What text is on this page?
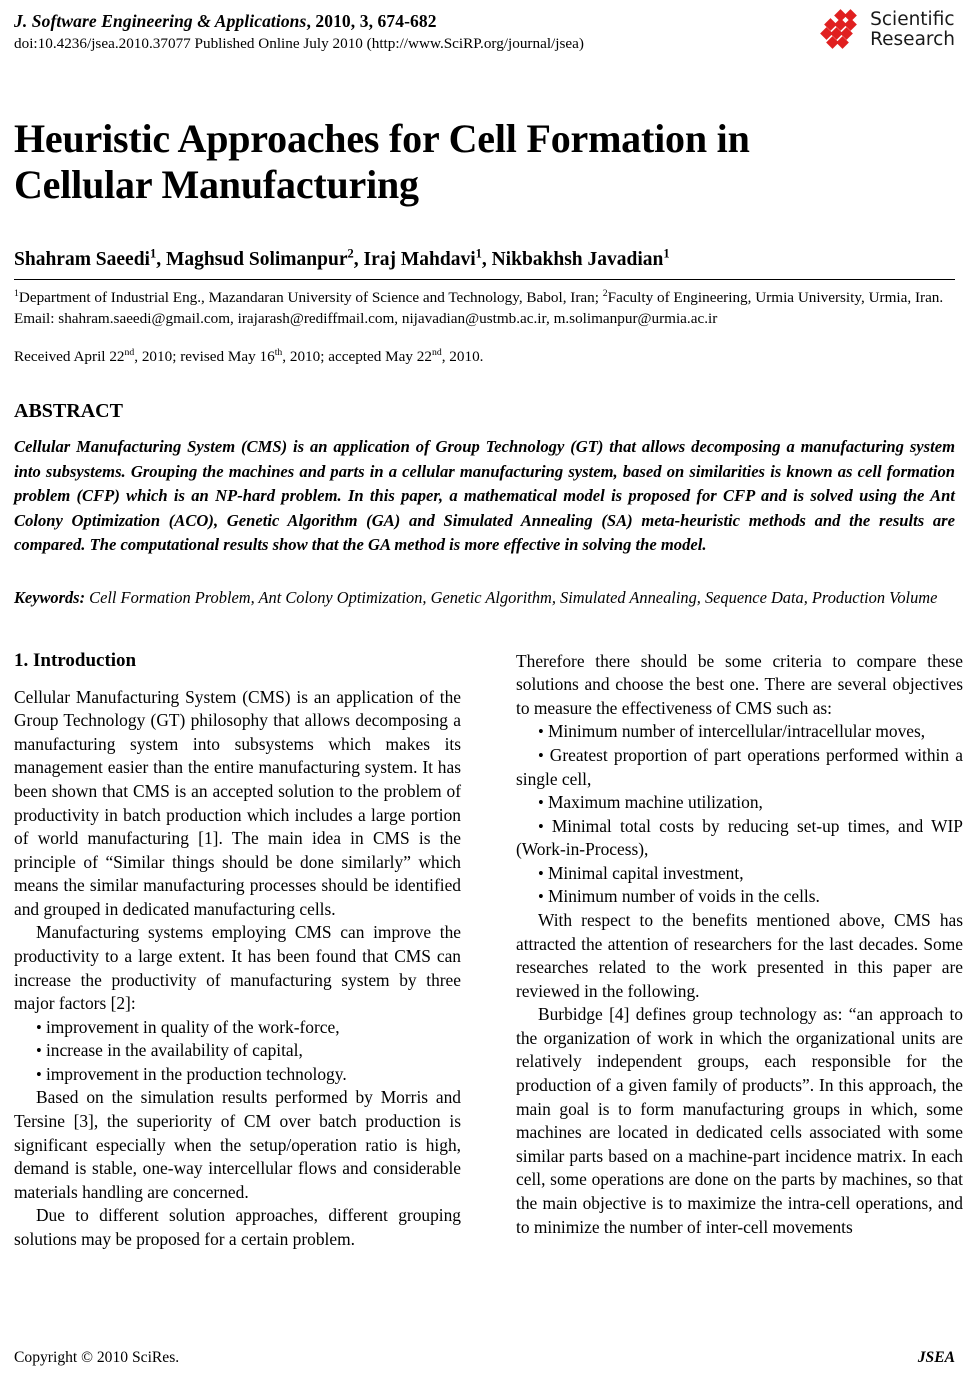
J. Software Engineering & Applications, 2010, 3, 674-682
doi:10.4236/jsea.2010.37077 Published Online July 2010 (http://www.SciRP.org/journal/jsea)
Scientific
Research
Heuristic Approaches for Cell Formation in Cellular Manufacturing
Shahram Saeedi$^1$, Maghsud Solimanpur$^2$, Iraj Mahdavi$^1$, Nikbakhsh Javadian$^1$

$^1$Department of Industrial Eng., Mazandaran University of Science and Technology, Babol, Iran; $^2$Faculty of Engineering, Urmia University, Urmia, Iran.

Email: shahram.saeedi@gmail.com, irajarash@rediffmail.com, nijavadian@ustmb.ac.ir, m.solimanpur@urmia.ac.ir

Received April 22nd, 2010; revised May 16th, 2010; accepted May 22nd, 2010.
ABSTRACT
Cellular Manufacturing System (CMS) is an application of Group Technology (GT) that allows decomposing a manufacturing system into subsystems. Grouping the machines and parts in a cellular manufacturing system, based on similarities is known as cell formation problem (CFP) which is an NP-hard problem. In this paper, a mathematical model is proposed for CFP and is solved using the Ant Colony Optimization (ACO), Genetic Algorithm (GA) and Simulated Annealing (SA) meta-heuristic methods and the results are compared. The computational results show that the GA method is more effective in solving the model.
Keywords: Cell Formation Problem, Ant Colony Optimization, Genetic Algorithm, Simulated Annealing, Sequence Data, Production Volume
1. Introduction

Cellular Manufacturing System (CMS) is an application of the Group Technology (GT) philosophy that allows decomposing a manufacturing system into subsystems which makes its management easier than the entire manufacturing system. It has been shown that CMS is an accepted solution to the problem of productivity in batch production which includes a large portion of world manufacturing [1]. The main idea in CMS is the principle of “Similar things should be done similarly” which means the similar manufacturing processes should be identified and grouped in dedicated manufacturing cells.

Manufacturing systems employing CMS can improve the productivity to a large extent. It has been found that CMS can increase the productivity of manufacturing system by three major factors [2]:

• improvement in quality of the work-force,

• increase in the availability of capital,

• improvement in the production technology.

Based on the simulation results performed by Morris and Tersine [3], the superiority of CM over batch production is significant especially when the setup/operation ratio is high, demand is stable, one-way intercellular flows and considerable materials handling are concerned.

Due to different solution approaches, different grouping solutions may be proposed for a certain problem.

Therefore there should be some criteria to compare these solutions and choose the best one. There are several objectives to measure the effectiveness of CMS such as:

• Minimum number of intercellular/intracellular moves,

• Greatest proportion of part operations performed within a single cell,

• Maximum machine utilization,

• Minimal total costs by reducing set-up times, and WIP (Work-in-Process),

• Minimal capital investment,

• Minimum number of voids in the cells.

With respect to the benefits mentioned above, CMS has attracted the attention of researchers for the last decades. Some researches related to the work presented in this paper are reviewed in the following.

Burbidge [4] defines group technology as: “an approach to the organization of work in which the organizational units are relatively independent groups, each responsible for the production of a given family of products”. In this approach, the main goal is to form manufacturing groups in which, some machines are located in dedicated cells associated with some similar parts based on a machine-part incidence matrix. In each cell, some operations are done on the parts by machines, so that the main objective is to maximize the intra-cell operations, and to minimize the number of inter-cell movements

Copyright © 2010 SciRes.	JSEA
